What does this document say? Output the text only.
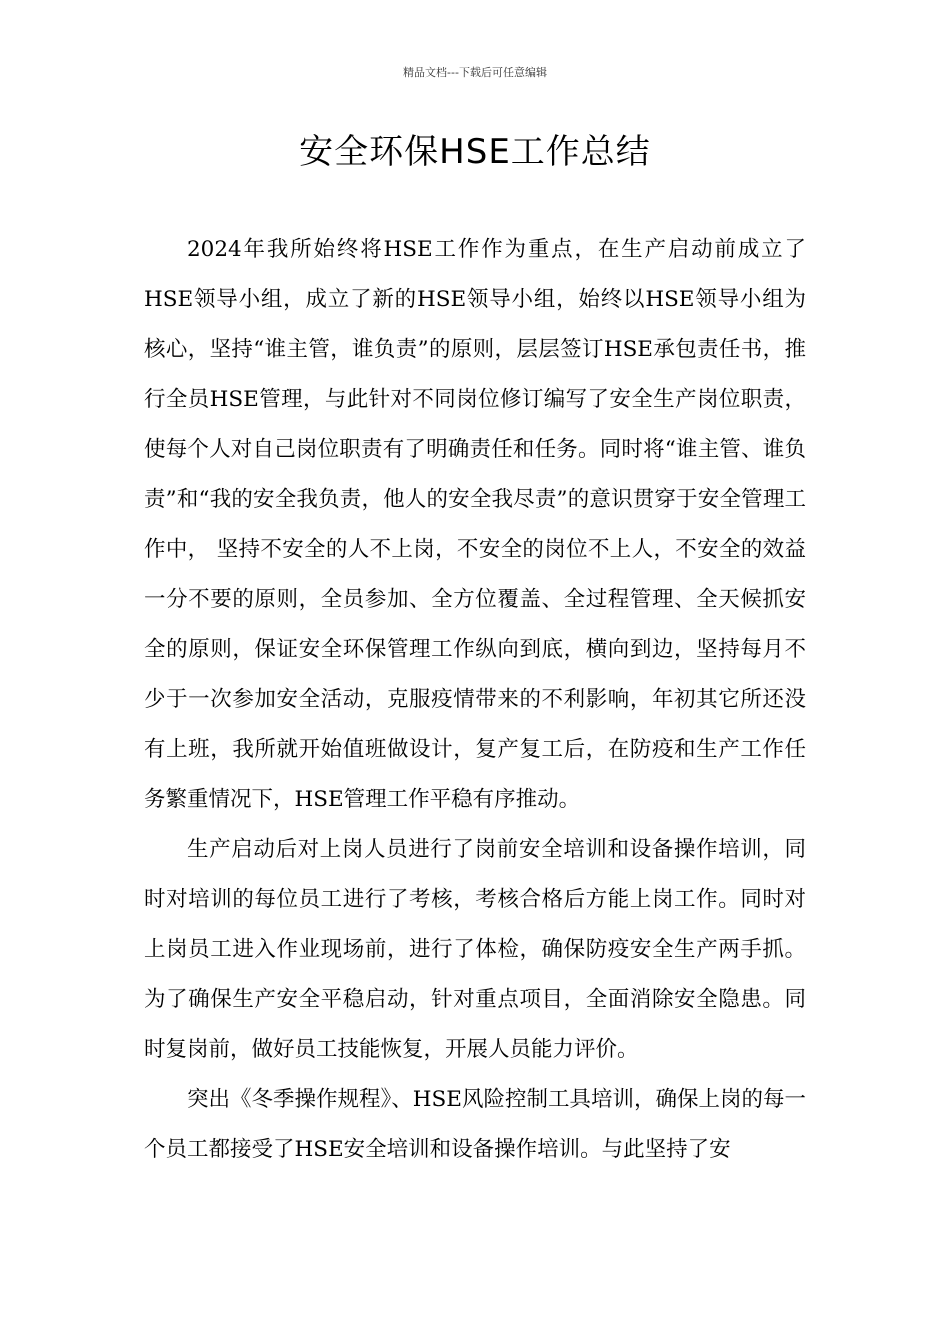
精品文档---下载后可任意编辑
安全环保HSE工作总结

2024年我所始终将HSE工作作为重点，在生产启动前成立了HSE领导小组，成立了新的HSE领导小组，始终以HSE领导小组为核心，坚持“谁主管，谁负责”的原则，层层签订HSE承包责任书，推行全员HSE管理，与此针对不同岗位修订编写了安全生产岗位职责，使每个人对自己岗位职责有了明确责任和任务。同时将“谁主管、谁负责”和“我的安全我负责，他人的安全我尽责”的意识贯穿于安全管理工作中， 坚持不安全的人不上岗，不安全的岗位不上人，不安全的效益一分不要的原则，全员参加、全方位覆盖、全过程管理、全天候抓安全的原则，保证安全环保管理工作纵向到底，横向到边，坚持每月不少于一次参加安全活动，克服疫情带来的不利影响，年初其它所还没有上班，我所就开始值班做设计，复产复工后，在防疫和生产工作任务繁重情况下，HSE管理工作平稳有序推动。

生产启动后对上岗人员进行了岗前安全培训和设备操作培训，同时对培训的每位员工进行了考核，考核合格后方能上岗工作。同时对上岗员工进入作业现场前，进行了体检，确保防疫安全生产两手抓。为了确保生产安全平稳启动，针对重点项目，全面消除安全隐患。同时复岗前，做好员工技能恢复，开展人员能力评价。

突出《冬季操作规程》、HSE风险控制工具培训，确保上岗的每一个员工都接受了HSE安全培训和设备操作培训。与此坚持了安
